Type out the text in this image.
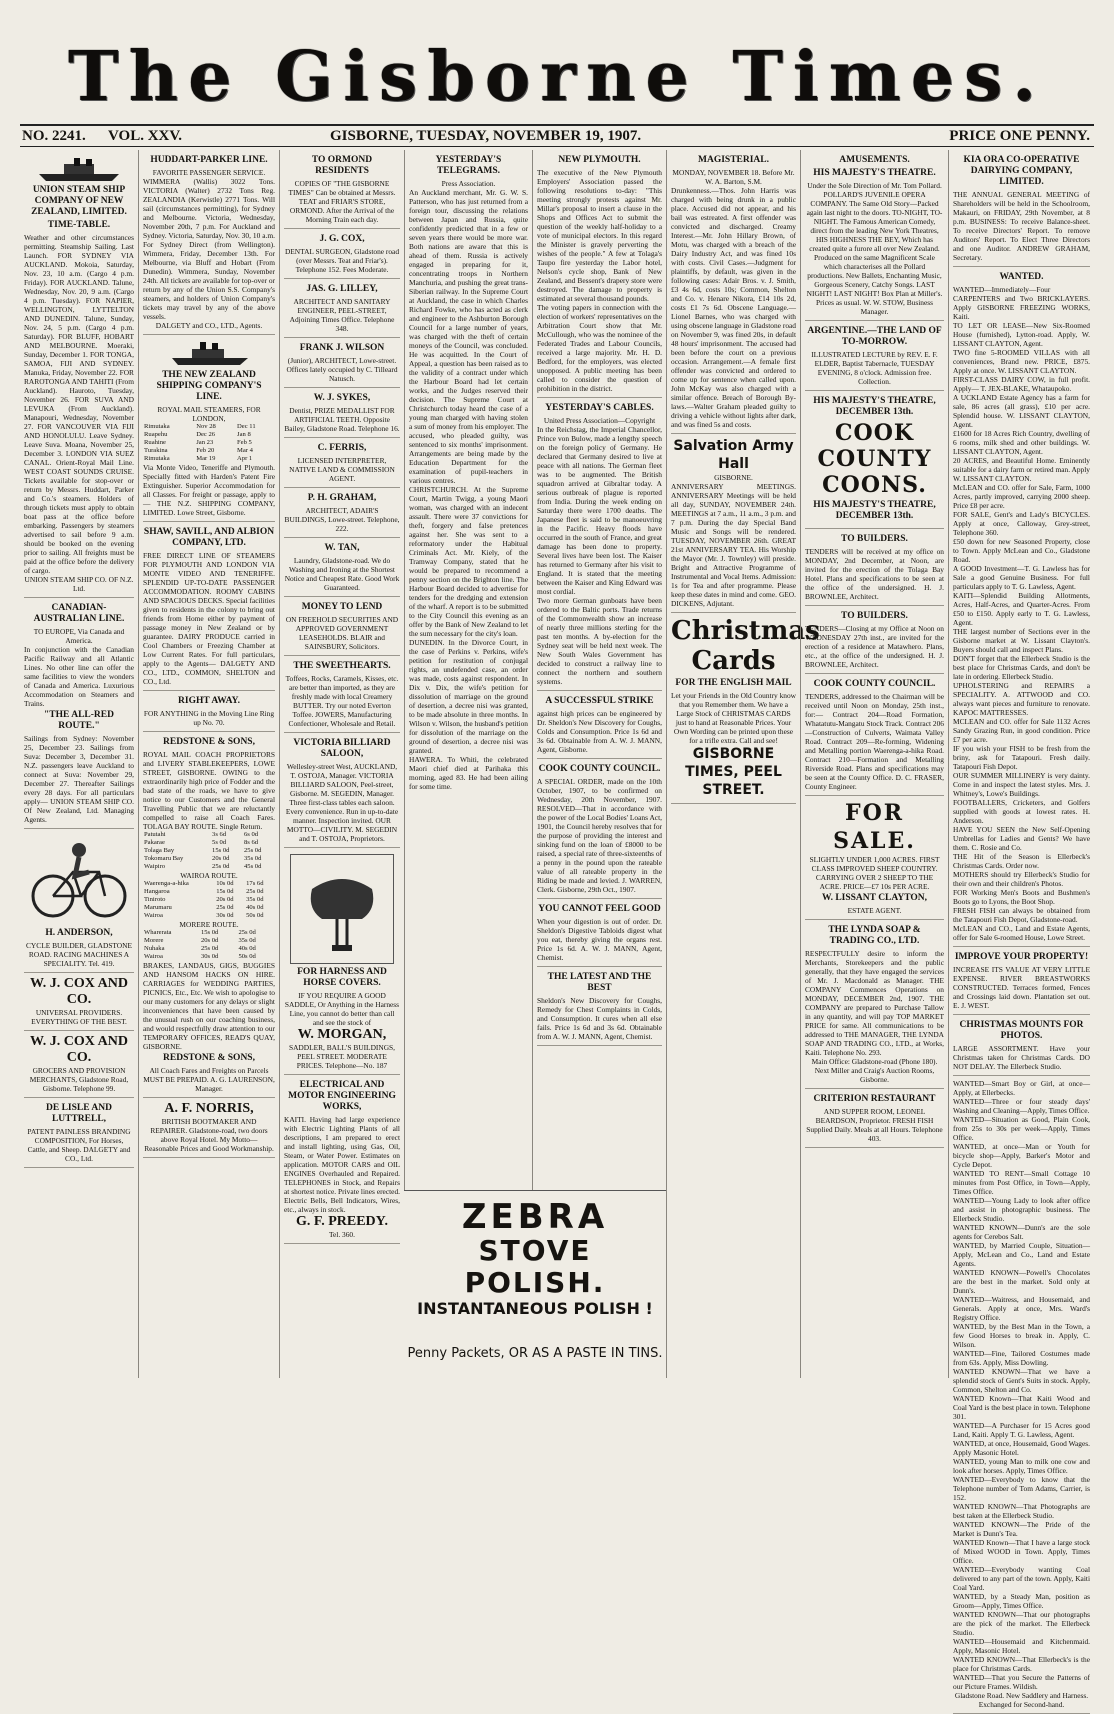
The Gisborne Times.
NO. 2241. VOL. XXV.	GISBORNE, TUESDAY, NOVEMBER 19, 1907.	PRICE ONE PENNY.
UNION STEAM SHIP COMPANY OF NEW ZEALAND, LIMITED.
TIME-TABLE.
Weather and other circumstances permitting. Steamship Sailing. Last Launch. FOR SYDNEY VIA AUCKLAND. Mokoia, Saturday, Nov. 23, 10 a.m. (Cargo 4 p.m. Friday). FOR AUCKLAND. Talune, Wednesday, Nov. 20, 9 a.m. (Cargo 4 p.m. Tuesday). FOR NAPIER, WELLINGTON, LYTTELTON AND DUNEDIN. Talune, Sunday, Nov. 24, 5 p.m. (Cargo 4 p.m. Saturday). FOR BLUFF, HOBART AND MELBOURNE. Moeraki, Sunday, December 1. FOR TONGA, SAMOA, FIJI AND SYDNEY. Manuka, Friday, November 22. FOR RAROTONGA AND TAHITI (From Auckland). Hauroto, Tuesday, November 26. FOR SUVA AND LEVUKA (From Auckland). Manapouri, Wednesday, November 27. FOR VANCOUVER VIA FIJI AND HONOLULU. Leave Sydney. Leave Suva. Moana, November 25, December 3. LONDON VIA SUEZ CANAL. Orient-Royal Mail Line. WEST COAST SOUNDS CRUISE. Tickets available for stop-over or return by Messrs. Huddart, Parker and Co.'s steamers. Holders of through tickets must apply to obtain boat pass at the office before embarking. Passengers by steamers advertised to sail before 9 a.m. should be booked on the evening prior to sailing. All freights must be paid at the office before the delivery of cargo.
UNION STEAM SHIP CO. OF N.Z. Ltd.
CANADIAN-AUSTRALIAN LINE.
TO EUROPE, Via Canada and America.
In conjunction with the Canadian Pacific Railway and all Atlantic Lines. No other line can offer the same facilities to view the wonders of Canada and America. Luxurious Accommodation on Steamers and Trains.
"THE ALL-RED ROUTE."
Sailings from Sydney: November 25, December 23. Sailings from Suva: December 3, December 31. N.Z. passengers leave Auckland to connect at Suva: November 29, December 27. Thereafter Sailings every 28 days. For all particulars apply— UNION STEAM SHIP CO. Of New Zealand, Ltd. Managing Agents.
H. ANDERSON,
CYCLE BUILDER, GLADSTONE ROAD. RACING MACHINES A SPECIALITY. Tel. 419.
W. J. COX AND CO.
UNIVERSAL PROVIDERS. EVERYTHING OF THE BEST.
W. J. COX AND CO.
GROCERS AND PROVISION MERCHANTS, Gladstone Road, Gisborne. Telephone 99.
DE LISLE AND LUTTRELL,
PATENT PAINLESS BRANDING COMPOSITION, For Horses, Cattle, and Sheep. DALGETY and CO., Ltd.
HUDDART-PARKER LINE.
FAVORITE PASSENGER SERVICE.
WIMMERA (Wallis) 3022 Tons. VICTORIA (Walter) 2732 Tons Reg. ZEALANDIA (Kerwistle) 2771 Tons. Will sail (circumstances permitting), for Sydney and Melbourne. Victoria, Wednesday, November 20th, 7 p.m. For Auckland and Sydney. Victoria, Saturday, Nov. 30, 10 a.m. For Sydney Direct (from Wellington). Wimmera, Friday, December 13th. For Melbourne, via Bluff and Hobart (From Dunedin). Wimmera, Sunday, November 24th. All tickets are available for top-over or return by any of the Union S.S. Company's steamers, and holders of Union Company's tickets may travel by any of the above vessels.
DALGETY and CO., LTD., Agents.
THE NEW ZEALAND SHIPPING COMPANY'S LINE.
ROYAL MAIL STEAMERS, FOR LONDON,
Rimutaka	Nov 28	Dec 11
Ruapehu	Dec 26	Jan 8
Ruahine	Jan 23	Feb 5
Turakina	Feb 20	Mar 4
Rimutaka	Mar 19	Apr 1
Via Monte Video, Teneriffe and Plymouth. Specially fitted with Harden's Patent Fire Extinguisher. Superior Accommodation for all Classes. For freight or passage, apply to— THE N.Z. SHIPPING COMPANY, LIMITED. Lowe Street, Gisborne.
SHAW, SAVILL, AND ALBION COMPANY, LTD.
FREE DIRECT LINE OF STEAMERS FOR PLYMOUTH AND LONDON VIA MONTE VIDEO AND TENERIFFE. SPLENDID UP-TO-DATE PASSENGER ACCOMMODATION. ROOMY CABINS AND SPACIOUS DECKS. Special facilities given to residents in the colony to bring out friends from Home either by payment of passage money in New Zealand or by guarantee. DAIRY PRODUCE carried in Cool Chambers or Freezing Chamber at Low Current Rates. For full particulars, apply to the Agents— DALGETY AND CO., LTD., COMMON, SHELTON and CO., Ltd.
RIGHT AWAY.
FOR ANYTHING in the Moving Line Ring up No. 70.
REDSTONE & SONS,
ROYAL MAIL COACH PROPRIETORS and LIVERY STABLEKEEPERS, LOWE STREET, GISBORNE. OWING to the extraordinarily high price of Fodder and the bad state of the roads, we have to give notice to our Customers and the General Travelling Public that we are reluctantly compelled to raise all Coach Fares. TOLAGA BAY ROUTE. Single Return.
Patutahi	3s 6d	6s 0d
Pakarae	5s 0d	8s 6d
Tolaga Bay	15s 0d	25s 0d
Tokomaru Bay	20s 0d	35s 0d
Waipiro	25s 0d	45s 0d
WAIROA ROUTE.
Waerenga-a-hika	10s 0d	17s 6d
Hangaroa	15s 0d	25s 0d
Tiniroto	20s 0d	35s 0d
Marumaru	25s 0d	40s 0d
Wairoa	30s 0d	50s 0d
MORERE ROUTE.
Wharerata	15s 0d	25s 0d
Morere	20s 0d	35s 0d
Nuhaka	25s 0d	40s 0d
Wairoa	30s 0d	50s 0d
BRAKES, LANDAUS, GIGS, BUGGIES AND HANSOM HACKS ON HIRE. CARRIAGES for WEDDING PARTIES, PICNICS, Etc., Etc. We wish to apologise to our many customers for any delays or slight inconveniences that have been caused by the unusual rush on our coaching business, and would respectfully draw attention to our TEMPORARY OFFICES, READ'S QUAY, GISBORNE.
REDSTONE & SONS,
All Coach Fares and Freights on Parcels MUST BE PREPAID. A. G. LAURENSON, Manager.
A. F. NORRIS,
BRITISH BOOTMAKER AND REPAIRER. Gladstone-road, two doors above Royal Hotel. My Motto— Reasonable Prices and Good Workmanship.
TO ORMOND RESIDENTS
COPIES OF "THE GISBORNE TIMES" Can be obtained at Messrs. TEAT and FRIAR'S STORE, ORMOND. After the Arrival of the Morning Train each day.
J. G. COX,
DENTAL SURGEON, Gladstone road (over Messrs. Teat and Friar's). Telephone 152. Fees Moderate.
JAS. G. LILLEY,
ARCHITECT AND SANITARY ENGINEER, PEEL-STREET, Adjoining Times Office. Telephone 348.
FRANK J. WILSON
(Junior), ARCHITECT, Lowe-street. Offices lately occupied by C. Tilleard Natusch.
W. J. SYKES,
Dentist, PRIZE MEDALLIST FOR ARTIFICIAL TEETH. Opposite Bailey, Gladstone Road. Telephone 16.
C. FERRIS,
LICENSED INTERPRETER, NATIVE LAND & COMMISSION AGENT.
P. H. GRAHAM,
ARCHITECT, ADAIR'S BUILDINGS, Lowe-street. Telephone, 222.
W. TAN,
Laundry, Gladstone-road. We do Washing and Ironing at the Shortest Notice and Cheapest Rate. Good Work Guaranteed.
MONEY TO LEND
ON FREEHOLD SECURITIES AND APPROVED GOVERNMENT LEASEHOLDS. BLAIR and SAINSBURY, Solicitors.
THE SWEETHEARTS.
Toffees, Rocks, Caramels, Kisses, etc. are better than imported, as they are freshly made with local Creamery BUTTER. Try our noted Everton Toffee. JOWERS, Manufacturing Confectioner, Wholesale and Retail.
VICTORIA BILLIARD SALOON,
Wellesley-street West, AUCKLAND, T. OSTOJA, Manager. VICTORIA BILLIARD SALOON, Peel-street, Gisborne. M. SEGEDIN, Manager. Three first-class tables each saloon. Every convenience. Run in up-to-date manner. Inspection invited. OUR MOTTO—CIVILITY. M. SEGEDIN and T. OSTOJA, Proprietors.
FOR HARNESS AND HORSE COVERS.
IF YOU REQUIRE A GOOD SADDLE, Or Anything in the Harness Line, you cannot do better than call and see the stock of
W. MORGAN,
SADDLER, BALL'S BUILDINGS, PEEL STREET. MODERATE PRICES. Telephone—No. 187
ELECTRICAL AND MOTOR ENGINEERING WORKS,
KAITI. Having had large experience with Electric Lighting Plants of all descriptions, I am prepared to erect and install lighting, using Gas, Oil, Steam, or Water Power. Estimates on application. MOTOR CARS and OIL ENGINES Overhauled and Repaired. TELEPHONES in Stock, and Repairs at shortest notice. Private lines erected. Electric Bells, Bell Indicators, Wires, etc., always in stock.
G. F. PREEDY.
Tel. 360.
YESTERDAY'S TELEGRAMS.
Press Association.
An Auckland merchant, Mr. G. W. S. Patterson, who has just returned from a foreign tour, discussing the relations between Japan and Russia, quite confidently predicted that in a few or seven years there would be more war. Both nations are aware that this is ahead of them. Russia is actively engaged in preparing for it, concentrating troops in Northern Manchuria, and pushing the great trans-Siberian railway. In the Supreme Court at Auckland, the case in which Charles Richard Fowke, who has acted as clerk and engineer to the Ashburton Borough Council for a large number of years, was charged with the theft of certain moneys of the Council, was concluded. He was acquitted. In the Court of Appeal, a question has been raised as to the validity of a contract under which the Harbour Board had let certain works, and the Judges reserved their decision. The Supreme Court at Christchurch today heard the case of a young man charged with having stolen a sum of money from his employer. The accused, who pleaded guilty, was sentenced to six months' imprisonment. Arrangements are being made by the Education Department for the examination of pupil-teachers in various centres.
CHRISTCHURCH. At the Supreme Court, Martin Twigg, a young Maori woman, was charged with an indecent assault. There were 37 convictions for theft, forgery and false pretences against her. She was sent to a reformatory under the Habitual Criminals Act. Mr. Kiely, of the Tramway Company, stated that he would be prepared to recommend a penny section on the Brighton line. The Harbour Board decided to advertise for tenders for the dredging and extension of the wharf. A report is to be submitted to the City Council this evening as an offer by the Bank of New Zealand to let the sum necessary for the city's loan.
DUNEDIN. In the Divorce Court, in the case of Perkins v. Perkins, wife's petition for restitution of conjugal rights, an undefended case, an order was made, costs against respondent. In Dix v. Dix, the wife's petition for dissolution of marriage on the ground of desertion, a decree nisi was granted, to be made absolute in three months. In Wilson v. Wilson, the husband's petition for dissolution of the marriage on the ground of desertion, a decree nisi was granted.
HAWERA. To Whiti, the celebrated Maori chief died at Parihaka this morning, aged 83. He had been ailing for some time.
NEW PLYMOUTH.
The executive of the New Plymouth Employers' Association passed the following resolutions to-day: "This meeting strongly protests against Mr. Millar's proposal to insert a clause in the Shops and Offices Act to submit the question of the weekly half-holiday to a vote of municipal electors. In this regard the Minister is gravely perverting the wishes of the people." A few at Tolaga's Taupo fire yesterday the Labor hotel, Nelson's cycle shop, Bank of New Zealand, and Bessent's drapery store were destroyed. The damage to property is estimated at several thousand pounds.
The voting papers in connection with the election of workers' representatives on the Arbitration Court show that Mr. McCullough, who was the nominee of the Federated Trades and Labour Councils, received a large majority. Mr. H. D. Bedford, for the employers, was elected unopposed. A public meeting has been called to consider the question of prohibition in the district.
YESTERDAY'S CABLES.
United Press Association—Copyright
In the Reichstag, the Imperial Chancellor, Prince von Bulow, made a lengthy speech on the foreign policy of Germany. He declared that Germany desired to live at peace with all nations. The German fleet was to be augmented. The British squadron arrived at Gibraltar today. A serious outbreak of plague is reported from India. During the week ending on Saturday there were 1700 deaths. The Japanese fleet is said to be manoeuvring in the Pacific. Heavy floods have occurred in the south of France, and great damage has been done to property. Several lives have been lost. The Kaiser has returned to Germany after his visit to England. It is stated that the meeting between the Kaiser and King Edward was most cordial.
Two more German gunboats have been ordered to the Baltic ports. Trade returns of the Commonwealth show an increase of nearly three millions sterling for the past ten months. A by-election for the Sydney seat will be held next week. The New South Wales Government has decided to construct a railway line to connect the northern and southern systems.
A SUCCESSFUL STRIKE
against high prices can be engineered by Dr. Sheldon's New Discovery for Coughs, Colds and Consumption. Price 1s 6d and 3s 6d. Obtainable from A. W. J. MANN, Agent, Gisborne.
COOK COUNTY COUNCIL.
A SPECIAL ORDER, made on the 10th October, 1907, to be confirmed on Wednesday, 20th November, 1907. RESOLVED—That in accordance with the power of the Local Bodies' Loans Act, 1901, the Council hereby resolves that for the purpose of providing the interest and sinking fund on the loan of £8000 to be raised, a special rate of three-sixteenths of a penny in the pound upon the rateable value of all rateable property in the Riding be made and levied. J. WARREN, Clerk. Gisborne, 29th Oct., 1907.
YOU CANNOT FEEL GOOD
When your digestion is out of order. Dr. Sheldon's Digestive Tabloids digest what you eat, thereby giving the organs rest. Price 1s 6d. A. W. J. MANN, Agent, Chemist.
THE LATEST AND THE BEST
Sheldon's New Discovery for Coughs, Remedy for Chest Complaints in Colds, and Consumption. It cures when all else fails. Price 1s 6d and 3s 6d. Obtainable from A. W. J. MANN, Agent, Chemist.
MAGISTERIAL.
MONDAY, NOVEMBER 18. Before Mr. W. A. Barton, S.M.
Drunkenness.—Thos. John Harris was charged with being drunk in a public place. Accused did not appear, and his bail was estreated. A first offender was convicted and discharged. Creamy Interest.—Mr. John Hillary Brown, of Motu, was charged with a breach of the Dairy Industry Act, and was fined 10s with costs. Civil Cases.—Judgment for plaintiffs, by default, was given in the following cases: Adair Bros. v. J. Smith, £3 4s 6d, costs 10s; Common, Shelton and Co. v. Henare Nikora, £14 10s 2d, costs £1 7s 6d. Obscene Language.—Lionel Barnes, who was charged with using obscene language in Gladstone road on November 9, was fined 20s, in default 48 hours' imprisonment. The accused had been before the court on a previous occasion. Arrangement.—A female first offender was convicted and ordered to come up for sentence when called upon. John McKay was also charged with a similar offence. Breach of Borough By-laws.—Walter Graham pleaded guilty to driving a vehicle without lights after dark, and was fined 5s and costs.
Salvation Army Hall
GISBORNE.
ANNIVERSARY MEETINGS. ANNIVERSARY Meetings will be held all day, SUNDAY, NOVEMBER 24th. MEETINGS at 7 a.m., 11 a.m., 3 p.m. and 7 p.m. During the day Special Band Music and Songs will be rendered. TUESDAY, NOVEMBER 26th. GREAT 21st ANNIVERSARY TEA. His Worship the Mayor (Mr. J. Townley) will preside. Bright and Attractive Programme of Instrumental and Vocal Items. Admission: 1s for Tea and after programme. Please keep these dates in mind and come. GEO. DICKENS, Adjutant.
Christmas Cards
FOR THE ENGLISH MAIL
Let your Friends in the Old Country know that you Remember them. We have a Large Stock of CHRISTMAS CARDS just to hand at Reasonable Prices. Your Own Wording can be printed upon these for a trifle extra. Call and see!
GISBORNE TIMES, PEEL STREET.
AMUSEMENTS.
HIS MAJESTY'S THEATRE.
Under the Sole Direction of Mr. Tom Pollard. POLLARD'S JUVENILE OPERA COMPANY. The Same Old Story—Packed again last night to the doors. TO-NIGHT, TO-NIGHT. The Famous American Comedy, direct from the leading New York Theatres, HIS HIGHNESS THE BEY, Which has created quite a furore all over New Zealand. Produced on the same Magnificent Scale which characterises all the Pollard productions. New Ballets, Enchanting Music, Gorgeous Scenery, Catchy Songs. LAST NIGHT! LAST NIGHT! Box Plan at Miller's. Prices as usual. W. W. STOW, Business Manager.
ARGENTINE.—THE LAND OF TO-MORROW.
ILLUSTRATED LECTURE by REV. E. F. ELDER, Baptist Tabernacle, TUESDAY EVENING, 8 o'clock. Admission free. Collection.
HIS MAJESTY'S THEATRE, DECEMBER 13th.
COOK COUNTY COONS.
HIS MAJESTY'S THEATRE, DECEMBER 13th.
TO BUILDERS.
TENDERS will be received at my office on MONDAY, 2nd December, at Noon, are invited for the erection of the Tolaga Bay Hotel. Plans and specifications to be seen at the office of the undersigned. H. J. BROWNLEE, Architect.
TO BUILDERS.
TENDERS—Closing at my Office at Noon on WEDNESDAY 27th inst., are invited for the erection of a residence at Matawhero. Plans, etc., at the office of the undersigned. H. J. BROWNLEE, Architect.
COOK COUNTY COUNCIL.
TENDERS, addressed to the Chairman will be received until Noon on Monday, 25th inst., for:— Contract 204—Road Formation, Whatatutu-Mangatu Stock Track. Contract 206—Construction of Culverts, Waimata Valley Road. Contract 209—Re-forming, Widening and Metalling portion Waerenga-a-hika Road. Contract 210—Formation and Metalling Riverside Road. Plans and specifications may be seen at the County Office. D. C. FRASER, County Engineer.
FOR SALE.
SLIGHTLY UNDER 1,000 ACRES. FIRST CLASS IMPROVED SHEEP COUNTRY. CARRYING OVER 2 SHEEP TO THE ACRE. PRICE—£7 10s PER ACRE.
W. LISSANT CLAYTON,
ESTATE AGENT.
THE LYNDA SOAP & TRADING CO., LTD.
RESPECTFULLY desire to inform the Merchants, Storekeepers and the public generally, that they have engaged the services of Mr. J. Macdonald as Manager. THE COMPANY Commences Operations on MONDAY, DECEMBER 2nd, 1907. THE COMPANY are prepared to Purchase Tallow in any quantity, and will pay TOP MARKET PRICE for same. All communications to be addressed to THE MANAGER, THE LYNDA SOAP AND TRADING CO., LTD., at Works, Kaiti. Telephone No. 293.
Main Office: Gladstone-road (Phone 180). Next Miller and Craig's Auction Rooms, Gisborne.
CRITERION RESTAURANT
AND SUPPER ROOM, LEONEL BEARDSON, Proprietor. FRESH FISH Supplied Daily. Meals at all Hours. Telephone 403.
KIA ORA CO-OPERATIVE DAIRYING COMPANY, LIMITED.
THE ANNUAL GENERAL MEETING of Shareholders will be held in the Schoolroom, Makauri, on FRIDAY, 29th November, at 8 p.m. BUSINESS: To receive Balance-sheet. To receive Directors' Report. To remove Auditors' Report. To Elect Three Directors and one Auditor. ANDREW GRAHAM, Secretary.
WANTED.
WANTED—Immediately—Four CARPENTERS and Two BRICKLAYERS. Apply GISBORNE FREEZING WORKS, Kaiti.
TO LET OR LEASE—New Six-Roomed House (furnished), Lytton-road. Apply, W. LISSANT CLAYTON, Agent.
TWO fine 5-ROOMED VILLAS with all conveniences, Brand new. PRICE, £875. Apply at once. W. LISSANT CLAYTON.
FIRST-CLASS DAIRY COW, in full profit. Apply— T. JEX-BLAKE, Whataupoko.
A UCKLAND Estate Agency has a farm for sale, 86 acres (all grass), £10 per acre. Splendid house. W. LISSANT CLAYTON, Agent.
£1600 for 18 Acres Rich Country, dwelling of 6 rooms, milk shed and other buildings. W. LISSANT CLAYTON, Agent.
20 ACRES, and Beautiful Home. Eminently suitable for a dairy farm or retired man. Apply W. LISSANT CLAYTON.
McLEAN and CO. offer for Sale, Farm, 1000 Acres, partly improved, carrying 2000 sheep. Price £8 per acre.
FOR SALE, Gent's and Lady's BICYCLES. Apply at once, Calloway, Grey-street, Telephone 360.
£50 down for new Seasoned Property, close to Town. Apply McLean and Co., Gladstone Road.
A GOOD Investment—T. G. Lawless has for Sale a good Genuine Business. For full particulars apply to T. G. Lawless, Agent.
KAITI—Splendid Building Allotments, Acres, Half-Acres, and Quarter-Acres. From £50 to £150. Apply early to T. G. Lawless, Agent.
THE largest number of Sections ever in the Gisborne market at W. Lissant Clayton's. Buyers should call and inspect Plans.
DON'T forget that the Ellerbeck Studio is the best place for Christmas Cards, and don't be late in ordering. Ellerbeck Studio.
UPHOLSTERING and REPAIRS a SPECIALITY. A. ATTWOOD and CO. always want pieces and furniture to renovate. KAPOC MATTRESSES.
MCLEAN and CO. offer for Sale 1132 Acres Sandy Grazing Run, in good condition. Price £7 per acre.
IF you wish your FISH to be fresh from the briny, ask for Tatapouri. Fresh daily. Tatapouri Fish Depot.
OUR SUMMER MILLINERY is very dainty. Come in and inspect the latest styles. Mrs. J. Whitney's, Lowe's Buildings.
FOOTBALLERS, Cricketers, and Golfers supplied with goods at lowest rates. H. Anderson.
HAVE YOU SEEN the New Self-Opening Umbrellas for Ladies and Gents? We have them. C. Rosie and Co.
THE Hit of the Season is Ellerbeck's Christmas Cards. Order now.
MOTHERS should try Ellerbeck's Studio for their own and their children's Photos.
FOR Working Men's Boots and Bushmen's Boots go to Lyons, the Boot Shop.
FRESH FISH can always be obtained from the Tatapouri Fish Depot, Gladstone-road.
McLEAN and CO., Land and Estate Agents, offer for Sale 6-roomed House, Lowe Street.
IMPROVE YOUR PROPERTY!
INCREASE ITS VALUE AT VERY LITTLE EXPENSE. RIVER BREASTWORKS CONSTRUCTED. Terraces formed, Fences and Crossings laid down. Plantation set out. E. J. WEST.
CHRISTMAS MOUNTS FOR PHOTOS.
LARGE ASSORTMENT. Have your Christmas taken for Christmas Cards. DO NOT DELAY. The Ellerbeck Studio.
WANTED—Smart Boy or Girl, at once—Apply, at Ellerbecks.
WANTED—Three or four steady days' Washing and Cleaning—Apply, Times Office.
WANTED—Situation as Good, Plain Cook, from 25s to 30s per week—Apply, Times Office.
WANTED, at once—Man or Youth for bicycle shop—Apply, Barker's Motor and Cycle Depot.
WANTED TO RENT—Small Cottage 10 minutes from Post Office, in Town—Apply, Times Office.
WANTED—Young Lady to look after office and assist in photographic business. The Ellerbeck Studio.
WANTED KNOWN—Dunn's are the sole agents for Cerebos Salt.
WANTED, by Married Couple, Situation—Apply, McLean and Co., Land and Estate Agents.
WANTED KNOWN—Powell's Chocolates are the best in the market. Sold only at Dunn's.
WANTED—Waitress, and Housemaid, and Generals. Apply at once, Mrs. Ward's Registry Office.
WANTED, by the Best Man in the Town, a few Good Horses to break in. Apply, C. Wilson.
WANTED—Fine, Tailored Costumes made from 63s. Apply, Miss Dowling.
WANTED KNOWN—That we have a splendid stock of Gent's Suits in stock. Apply, Common, Shelton and Co.
WANTED Known—That Kaiti Wood and Coal Yard is the best place in town. Telephone 301.
WANTED—A Purchaser for 15 Acres good Land, Kaiti. Apply T. G. Lawless, Agent.
WANTED, at once, Housemaid, Good Wages. Apply Masonic Hotel.
WANTED, young Man to milk one cow and look after horses. Apply, Times Office.
WANTED—Everybody to know that the Telephone number of Tom Adams, Carrier, is 152.
WANTED KNOWN—That Photographs are best taken at the Ellerbeck Studio.
WANTED KNOWN—The Pride of the Market is Dunn's Tea.
WANTED Known—That I have a large stock of Mixed WOOD in Town. Apply, Times Office.
WANTED—Everybody wanting Coal delivered to any part of the town. Apply, Kaiti Coal Yard.
WANTED, by a Steady Man, position as Groom—Apply, Times Office.
WANTED KNOWN—That our photographs are the pick of the market. The Ellerbeck Studio.
WANTED—Housemaid and Kitchenmaid. Apply, Masonic Hotel.
WANTED KNOWN—That Ellerbeck's is the place for Christmas Cards.
WANTED—That you Secure the Patterns of our Picture Frames. Wildish.
Gladstone Road. New Saddlery and Harness. Exchanged for Second-hand.
ZEBRA
STOVE POLISH.
INSTANTANEOUS POLISH !
Penny Packets, OR AS A PASTE IN TINS.
